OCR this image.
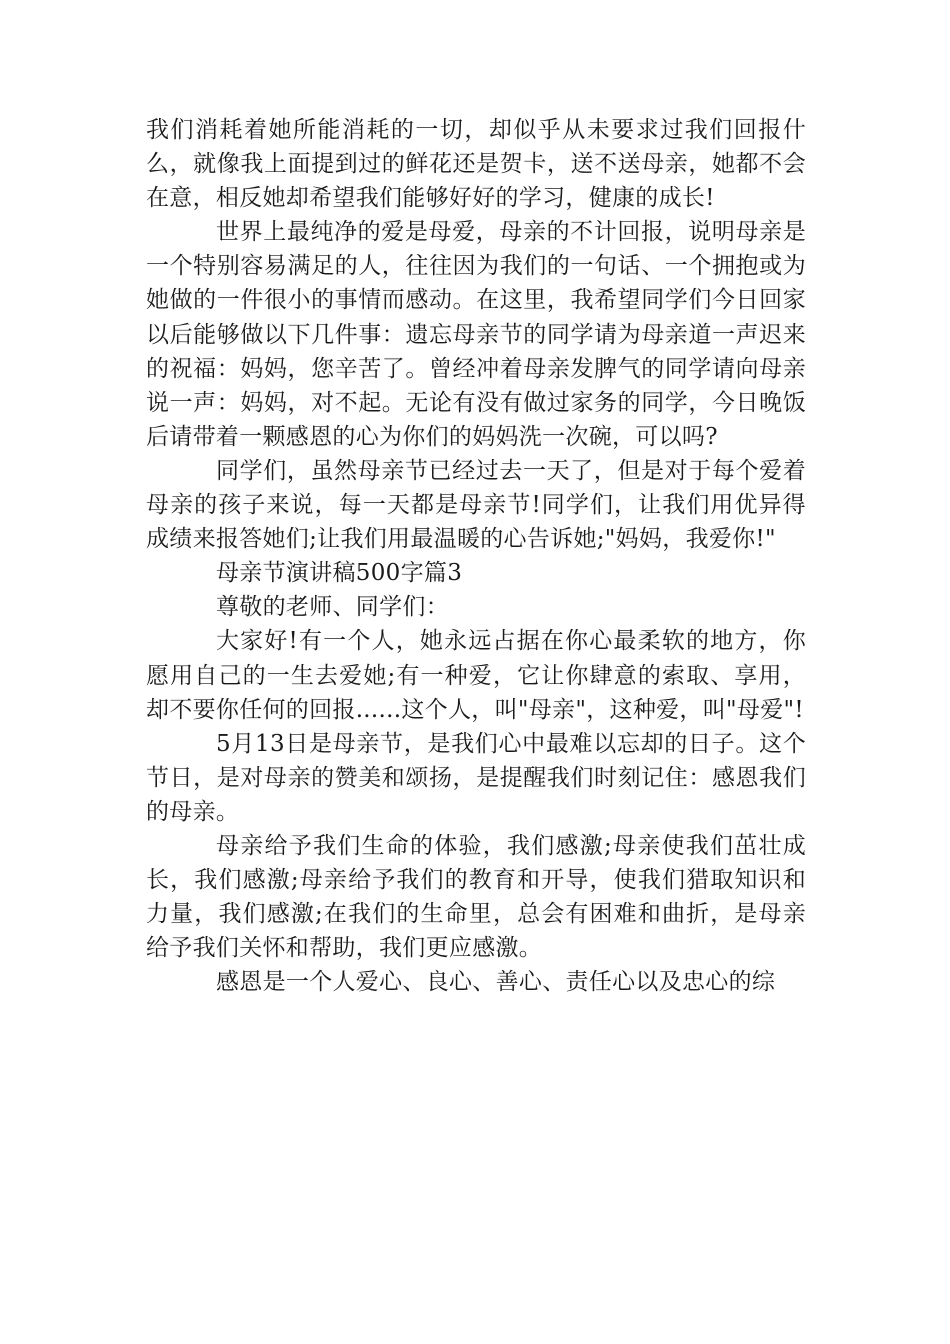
我们消耗着她所能消耗的一切，却似乎从未要求过我们回报什么，就像我上面提到过的鲜花还是贺卡，送不送母亲，她都不会在意，相反她却希望我们能够好好的学习，健康的成长!

世界上最纯净的爱是母爱，母亲的不计回报，说明母亲是一个特别容易满足的人，往往因为我们的一句话、一个拥抱或为她做的一件很小的事情而感动。在这里，我希望同学们今日回家以后能够做以下几件事：遗忘母亲节的同学请为母亲道一声迟来的祝福：妈妈，您辛苦了。曾经冲着母亲发脾气的同学请向母亲说一声：妈妈，对不起。无论有没有做过家务的同学，今日晚饭后请带着一颗感恩的心为你们的妈妈洗一次碗，可以吗?

同学们，虽然母亲节已经过去一天了，但是对于每个爱着母亲的孩子来说，每一天都是母亲节!同学们，让我们用优异得成绩来报答她们;让我们用最温暖的心告诉她;"妈妈，我爱你!"

母亲节演讲稿500字篇3

尊敬的老师、同学们：

大家好!有一个人，她永远占据在你心最柔软的地方，你愿用自己的一生去爱她;有一种爱，它让你肆意的索取、享用，却不要你任何的回报......这个人，叫"母亲"，这种爱，叫"母爱"!

5月13日是母亲节，是我们心中最难以忘却的日子。这个节日，是对母亲的赞美和颂扬，是提醒我们时刻记住：感恩我们的母亲。

母亲给予我们生命的体验，我们感激;母亲使我们茁壮成长，我们感激;母亲给予我们的教育和开导，使我们猎取知识和力量，我们感激;在我们的生命里，总会有困难和曲折，是母亲给予我们关怀和帮助，我们更应感激。

感恩是一个人爱心、良心、善心、责任心以及忠心的综
